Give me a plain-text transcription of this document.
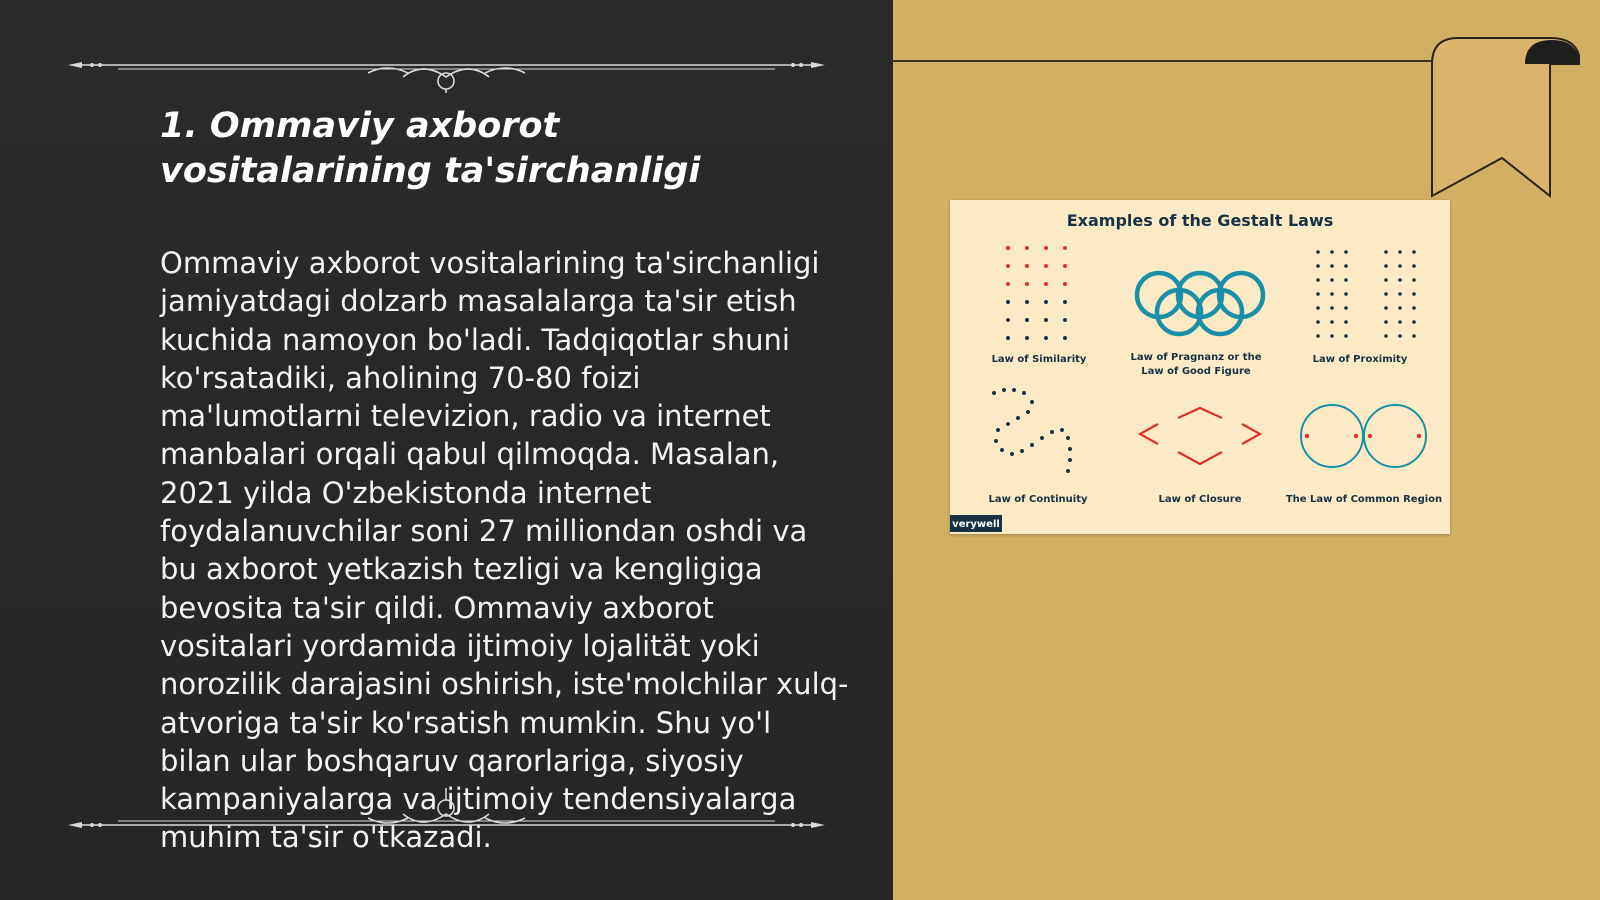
1. Ommaviy axborot vositalarining ta'sirchanligi

Ommaviy axborot vositalarining ta'sirchanligi jamiyatdagi dolzarb masalalarga ta'sir etish kuchida namoyon bo'ladi. Tadqiqotlar shuni ko'rsatadiki, aholining 70-80 foizi ma'lumotlarni televizion, radio va internet manbalari orqali qabul qilmoqda. Masalan, 2021 yilda O'zbekistonda internet foydalanuvchilar soni 27 milliondan oshdi va bu axborot yetkazish tezligi va kengligiga bevosita ta'sir qildi. Ommaviy axborot vositalari yordamida ijtimoiy lojalität yoki norozilik darajasini oshirish, iste'molchilar xulq-atvoriga ta'sir ko'rsatish mumkin. Shu yo'l bilan ular boshqaruv qarorlariga, siyosiy kampaniyalarga va ijtimoiy tendensiyalarga muhim ta'sir o'tkazadi.

Examples of the Gestalt Laws
Law of Similarity	Law of Pragnanz or the
Law of Good Figure
Law of Proximity
Law of Continuity	Law of Closure	The Law of Common Region
verywell
